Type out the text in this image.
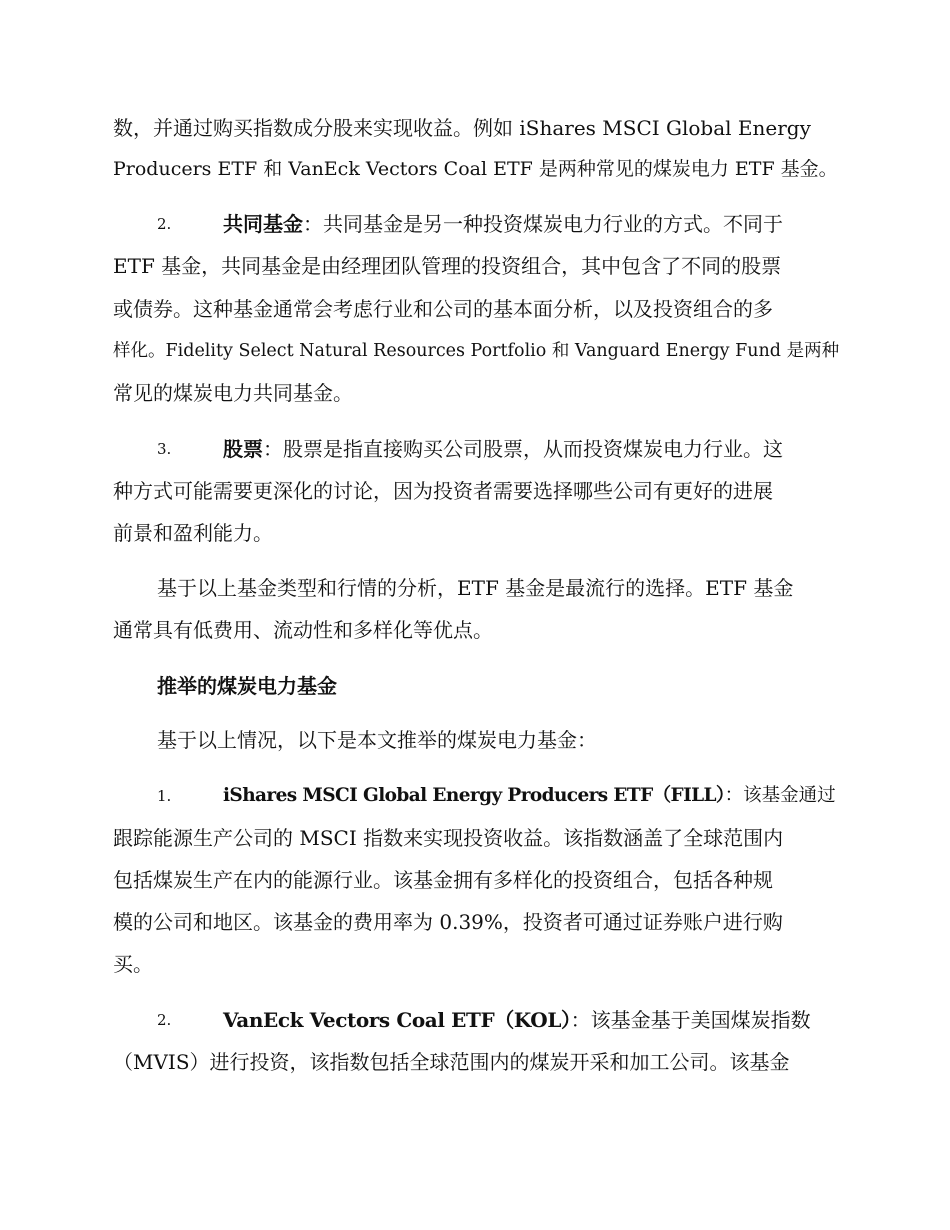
数，并通过购买指数成分股来实现收益。例如 iShares MSCI Global Energy
Producers ETF 和 VanEck Vectors Coal ETF 是两种常见的煤炭电力 ETF 基金。
2.	共同基金：共同基金是另一种投资煤炭电力行业的方式。不同于
ETF 基金，共同基金是由经理团队管理的投资组合，其中包含了不同的股票
或债券。这种基金通常会考虑行业和公司的基本面分析，以及投资组合的多
样化。Fidelity Select Natural Resources Portfolio 和 Vanguard Energy Fund 是两种
常见的煤炭电力共同基金。
3.	股票：股票是指直接购买公司股票，从而投资煤炭电力行业。这
种方式可能需要更深化的讨论，因为投资者需要选择哪些公司有更好的进展
前景和盈利能力。
基于以上基金类型和行情的分析，ETF 基金是最流行的选择。ETF 基金
通常具有低费用、流动性和多样化等优点。
推举的煤炭电力基金
基于以上情况，以下是本文推举的煤炭电力基金：
1.	iShares MSCI Global Energy Producers ETF（FILL）：该基金通过
跟踪能源生产公司的 MSCI 指数来实现投资收益。该指数涵盖了全球范围内
包括煤炭生产在内的能源行业。该基金拥有多样化的投资组合，包括各种规
模的公司和地区。该基金的费用率为 0.39%，投资者可通过证券账户进行购
买。
2.	VanEck Vectors Coal ETF（KOL）：该基金基于美国煤炭指数
（MVIS）进行投资，该指数包括全球范围内的煤炭开采和加工公司。该基金
